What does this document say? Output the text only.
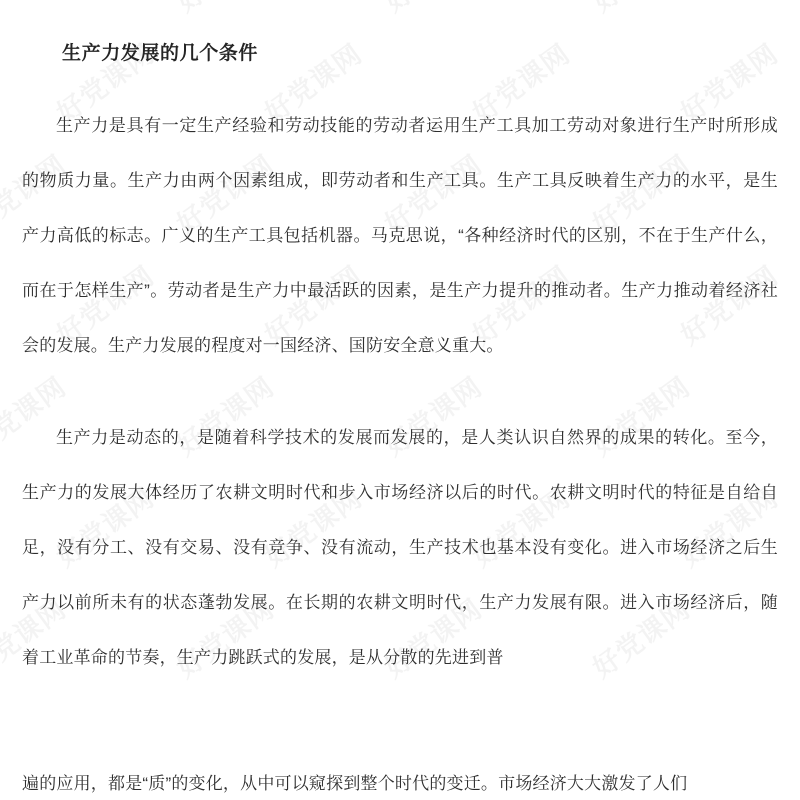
生产力发展的几个条件

生产力是具有一定生产经验和劳动技能的劳动者运用生产工具加工劳动对象进行生产时所形成的物质力量。生产力由两个因素组成，即劳动者和生产工具。生产工具反映着生产力的水平，是生产力高低的标志。广义的生产工具包括机器。马克思说，“各种经济时代的区别，不在于生产什么，而在于怎样生产”。劳动者是生产力中最活跃的因素，是生产力提升的推动者。生产力推动着经济社会的发展。生产力发展的程度对一国经济、国防安全意义重大。

生产力是动态的，是随着科学技术的发展而发展的，是人类认识自然界的成果的转化。至今，生产力的发展大体经历了农耕文明时代和步入市场经济以后的时代。农耕文明时代的特征是自给自足，没有分工、没有交易、没有竞争、没有流动，生产技术也基本没有变化。进入市场经济之后生产力以前所未有的状态蓬勃发展。在长期的农耕文明时代，生产力发展有限。进入市场经济后，随着工业革命的节奏，生产力跳跃式的发展，是从分散的先进到普

遍的应用，都是“质”的变化，从中可以窥探到整个时代的变迁。市场经济大大激发了人们
